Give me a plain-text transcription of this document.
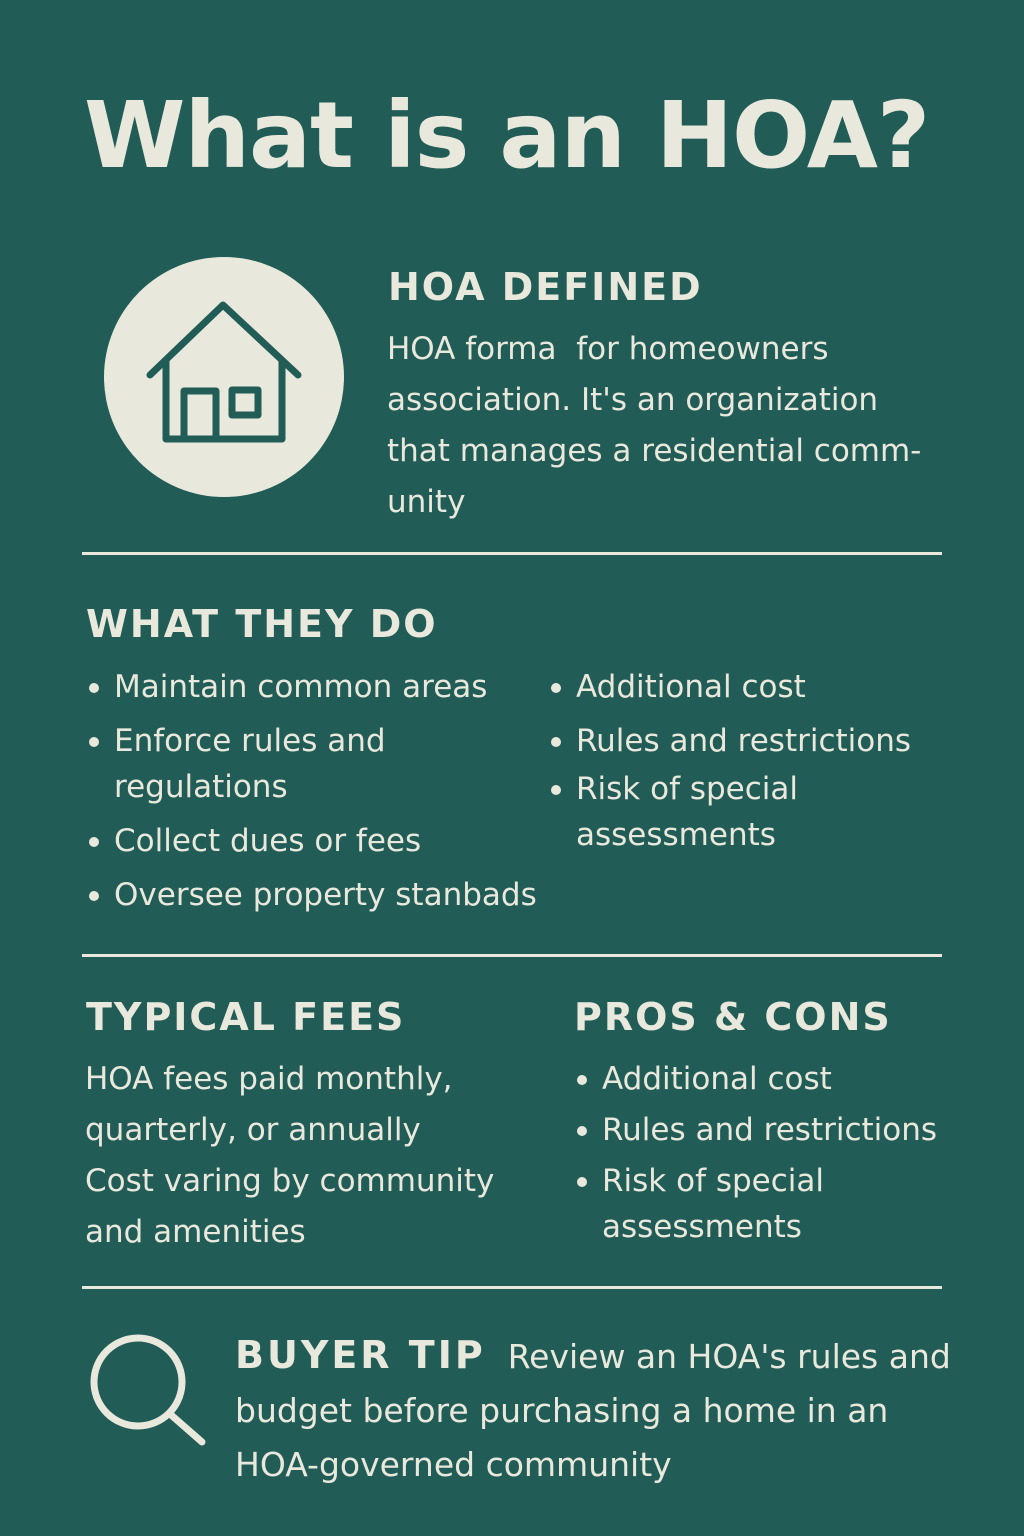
What is an HOA?
HOA DEFINED
HOA forma  for homeowners
association. It's an organization
that manages a residential comm-
unity
WHAT THEY DO
Maintain common areas
Enforce rules and regulations
Collect dues or fees
Oversee property stanbads
Additional cost
Rules and restrictions
Risk of special assessments
TYPICAL FEES
HOA fees paid monthly,
quarterly, or annually
Cost varing by community
and amenities
PROS & CONS
Additional cost
Rules and restrictions
Risk of special assessments
BUYER TIP Review an HOA's rules and budget before purchasing a home in an HOA-governed community
